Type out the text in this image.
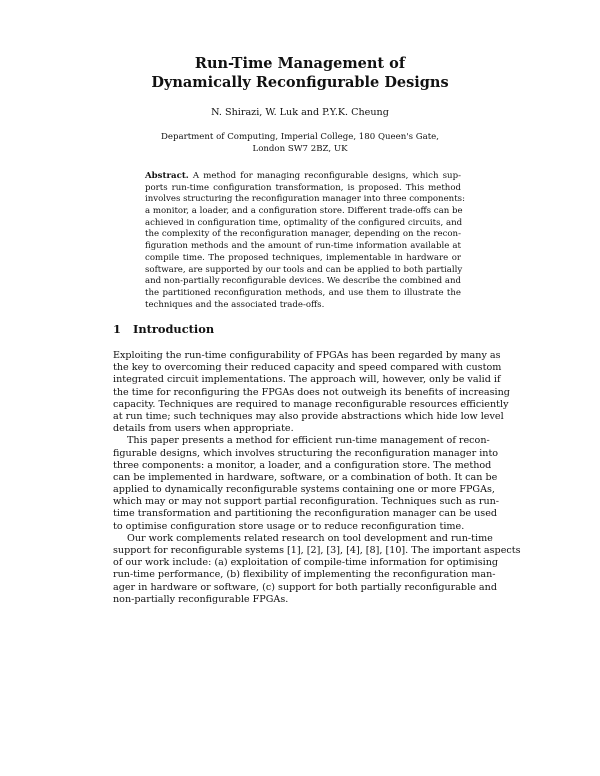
Run-Time Management of
Dynamically Reconfigurable Designs
N. Shirazi, W. Luk and P.Y.K. Cheung
Department of Computing, Imperial College, 180 Queen's Gate,
London SW7 2BZ, UK
Abstract. A method for managing reconfigurable designs, which sup-
ports run-time configuration transformation, is proposed. This method
involves structuring the reconfiguration manager into three components:
a monitor, a loader, and a configuration store. Different trade-offs can be
achieved in configuration time, optimality of the configured circuits, and
the complexity of the reconfiguration manager, depending on the recon-
figuration methods and the amount of run-time information available at
compile time. The proposed techniques, implementable in hardware or
software, are supported by our tools and can be applied to both partially
and non-partially reconfigurable devices. We describe the combined and
the partitioned reconfiguration methods, and use them to illustrate the
techniques and the associated trade-offs.
1 Introduction
Exploiting the run-time configurability of FPGAs has been regarded by many as
the key to overcoming their reduced capacity and speed compared with custom
integrated circuit implementations. The approach will, however, only be valid if
the time for reconfiguring the FPGAs does not outweigh its benefits of increasing
capacity. Techniques are required to manage reconfigurable resources efficiently
at run time; such techniques may also provide abstractions which hide low level
details from users when appropriate.
This paper presents a method for efficient run-time management of recon-
figurable designs, which involves structuring the reconfiguration manager into
three components: a monitor, a loader, and a configuration store. The method
can be implemented in hardware, software, or a combination of both. It can be
applied to dynamically reconfigurable systems containing one or more FPGAs,
which may or may not support partial reconfiguration. Techniques such as run-
time transformation and partitioning the reconfiguration manager can be used
to optimise configuration store usage or to reduce reconfiguration time.
Our work complements related research on tool development and run-time
support for reconfigurable systems [1], [2], [3], [4], [8], [10]. The important aspects
of our work include: (a) exploitation of compile-time information for optimising
run-time performance, (b) flexibility of implementing the reconfiguration man-
ager in hardware or software, (c) support for both partially reconfigurable and
non-partially reconfigurable FPGAs.
